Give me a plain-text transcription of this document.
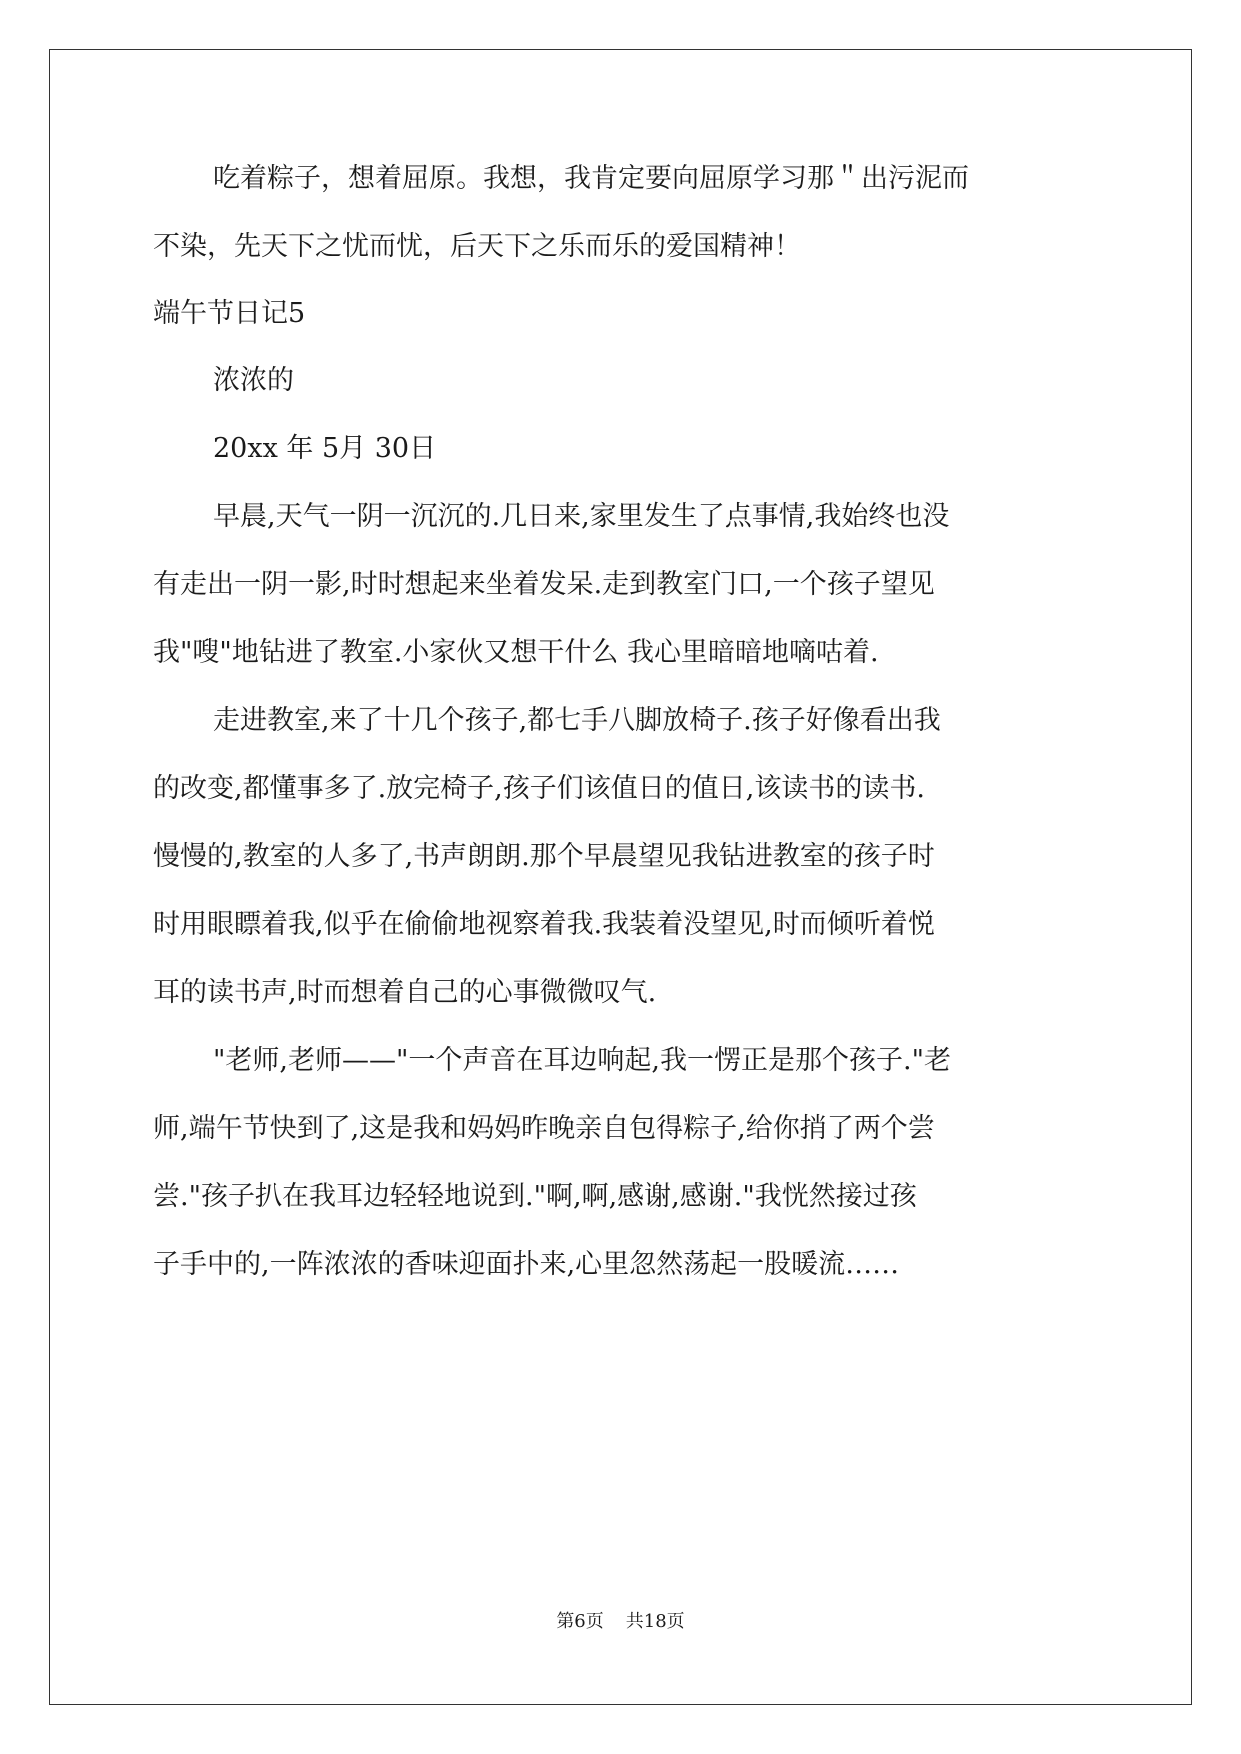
吃着粽子，想着屈原。我想，我肯定要向屈原学习那＂出污泥而

不染，先天下之忧而忧，后天下之乐而乐的爱国精神！

端午节日记5

浓浓的

20xx 年 5月 30日

早晨,天气一阴一沉沉的.几日来,家里发生了点事情,我始终也没

有走出一阴一影,时时想起来坐着发呆.走到教室门口,一个孩子望见

我"嗖"地钻进了教室.小家伙又想干什么 我心里暗暗地嘀咕着.

走进教室,来了十几个孩子,都七手八脚放椅子.孩子好像看出我

的改变,都懂事多了.放完椅子,孩子们该值日的值日,该读书的读书.

慢慢的,教室的人多了,书声朗朗.那个早晨望见我钻进教室的孩子时

时用眼瞟着我,似乎在偷偷地视察着我.我装着没望见,时而倾听着悦

耳的读书声,时而想着自己的心事微微叹气.

"老师,老师——"一个声音在耳边响起,我一愣正是那个孩子."老

师,端午节快到了,这是我和妈妈昨晚亲自包得粽子,给你捎了两个尝

尝."孩子扒在我耳边轻轻地说到."啊,啊,感谢,感谢."我恍然接过孩

子手中的,一阵浓浓的香味迎面扑来,心里忽然荡起一股暖流……

第6页 共18页
